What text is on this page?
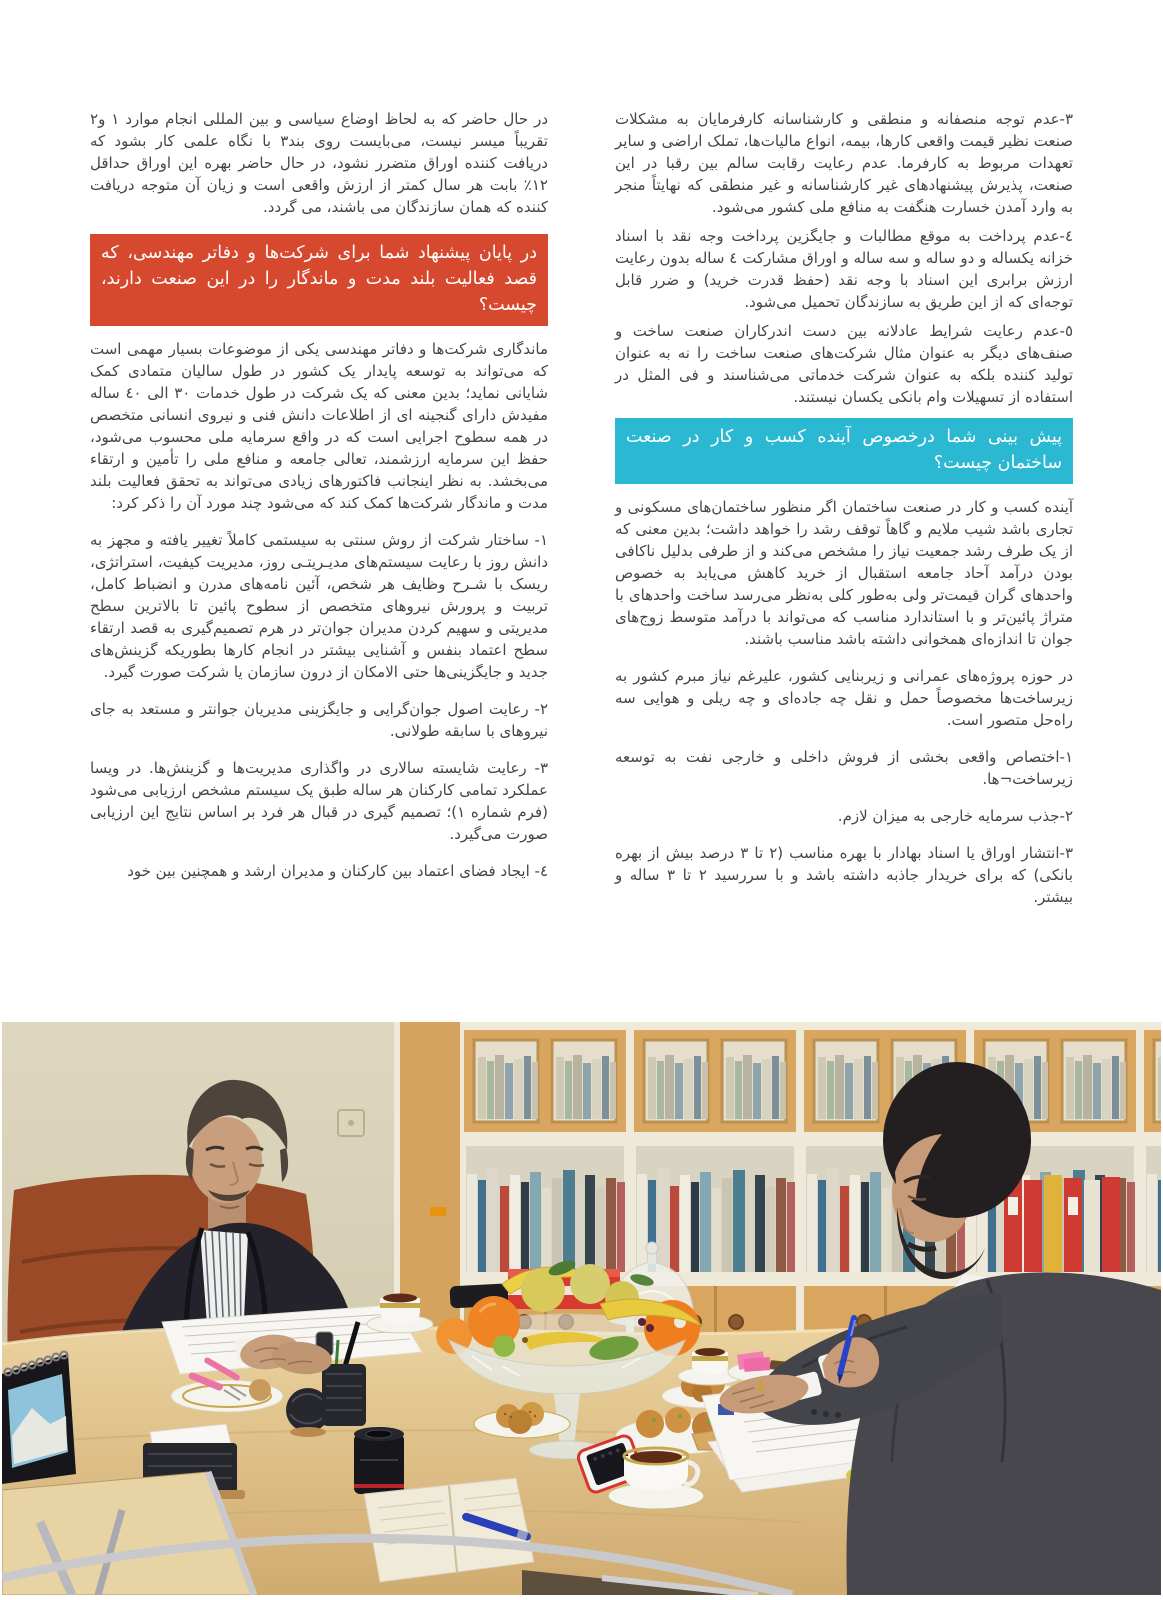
۳-عدم توجه منصفانه و منطقی و کارشناسانه کارفرمایان به مشکلات صنعت نظیر قیمت واقعی کارها، بیمه، انواع مالیات‌ها، تملک اراضی و سایر تعهدات مربوط به کارفرما. عدم رعایت رقابت سالم بین رقبا در این صنعت، پذیرش پیشنهادهای غیر کارشناسانه و غیر منطقی که نهایتاً منجر به وارد آمدن خسارت هنگفت به منافع ملی کشور می‌شود.

٤-عدم پرداخت به موقع مطالبات و جایگزین پرداخت وجه نقد با اسناد خزانه یکساله و دو ساله و سه ساله و اوراق مشارکت ٤ ساله بدون رعایت ارزش برابری این اسناد با وجه نقد (حفظ قدرت خرید) و ضرر قابل توجه‌ای که از این طریق به سازندگان تحمیل می‌شود.

٥-عدم رعایت شرایط عادلانه بین دست اندرکاران صنعت ساخت و صنف‌های دیگر به عنوان مثال شرکت‌های صنعت ساخت را نه به عنوان تولید کننده بلکه به عنوان شرکت خدماتی می‌شناسند و فی المثل در استفاده از تسهیلات وام بانکی یکسان نیستند.

پیش بینی شما درخصوص آینده کسب و کار در صنعت ساختمان چیست؟

آینده کسب و کار در صنعت ساختمان اگر منظور ساختمان‌های مسکونی و تجاری باشد شیب ملایم و گاهاً توقف رشد را خواهد داشت؛ بدین معنی که از یک طرف رشد جمعیت نیاز را مشخص می‌کند و از طرفی بدلیل ناکافی بودن درآمد آحاد جامعه استقبال از خرید کاهش می‌یابد به خصوص واحدهای گران قیمت‌تر ولی به‌طور کلی به‌نظر می‌رسد ساخت واحدهای با متراژ پائین‌تر و با استاندارد مناسب که می‌تواند با درآمد متوسط زوج‌های جوان تا اندازه‌ای همخوانی داشته باشد مناسب باشند.

در حوزه پروژه‌های عمرانی و زیربنایی کشور، علیرغم نیاز مبرم کشور به زیرساخت‌ها مخصوصاً حمل و نقل چه جاده‌ای و چه ریلی و هوایی سه راه‌حل متصور است.

۱-اختصاص واقعی بخشی از فروش داخلی و خارجی نفت به توسعه زیرساخت¬ها.

۲-جذب سرمایه خارجی به میزان لازم.

۳-انتشار اوراق یا اسناد بهادار با بهره مناسب (۲ تا ۳ درصد بیش از بهره بانکی) که برای خریدار جاذبه داشته باشد و با سررسید ۲ تا ۳ ساله و بیشتر.

در حال حاضر که به لحاظ اوضاع سیاسی و بین المللی انجام موارد ۱ و۲ تقریباً میسر نیست، می‌بایست روی بند۳ با نگاه علمی کار بشود که دریافت کننده اوراق متضرر نشود، در حال حاضر بهره این اوراق حداقل ۱۲٪ بابت هر سال کمتر از ارزش واقعی است و زیان آن متوجه دریافت کننده که همان سازندگان می باشند، می گردد.

در پایان پیشنهاد شما برای شرکت‌ها و دفاتر مهندسی، که قصد فعالیت بلند مدت و ماندگار را در این صنعت دارند، چیست؟

ماندگاری شرکت‌ها و دفاتر مهندسی یکی از موضوعات بسیار مهمی است که می‌تواند به توسعه پایدار یک کشور در طول سالیان متمادی کمک شایانی نماید؛ بدین معنی که یک شرکت در طول خدمات ۳۰ الی ٤۰ ساله مفیدش دارای گنجینه ای از اطلاعات دانش فنی و نیروی انسانی متخصص در همه سطوح اجرایی است که در واقع سرمایه ملی محسوب می‌شود، حفظ این سرمایه ارزشمند، تعالی جامعه و منافع ملی را تأمین و ارتقاء می‌بخشد. به نظر اینجانب فاکتورهای زیادی می‌تواند به تحقق فعالیت بلند مدت و ماندگار شرکت‌ها کمک کند که می‌شود چند مورد آن را ذکر کرد:

۱- ساختار شرکت از روش سنتی به سیستمی کاملاً تغییر یافته و مجهز به دانش روز با رعایت سیستم‌های مدیـریتـی روز، مدیریت کیفیت، استراتژی، ریسک با شـرح وظایف هر شخص، آئین نامه‌های مدرن و انضباط کامل، تربیت و پرورش نیروهای متخصص از سطوح پائین تا بالاترین سطح مدیریتی و سهیم کردن مدیران جوان‌تر در هرم تصمیم‌گیری به قصد ارتقاء سطح اعتماد بنفس و آشنایی بیشتر در انجام کارها بطوریکه گزینش‌های جدید و جایگزینی‌ها حتی الامکان از درون سازمان یا شرکت صورت گیرد.

۲- رعایت اصول جوان‌گرایی و جایگزینی مدیریان جوانتر و مستعد به جای نیروهای با سابقه طولانی.

۳- رعایت شایسته سالاری در واگذاری مدیریت‌ها و گزینش‌ها. در ویسا عملکرد تمامی کارکنان هر ساله طبق یک سیستم مشخص ارزیابی می‌شود (فرم شماره ۱)؛ تصمیم گیری در قبال هر فرد بر اساس نتایج این ارزیابی صورت می‌گیرد.

٤- ایجاد فضای اعتماد بین کارکنان و مدیران ارشد و همچنین بین خود
